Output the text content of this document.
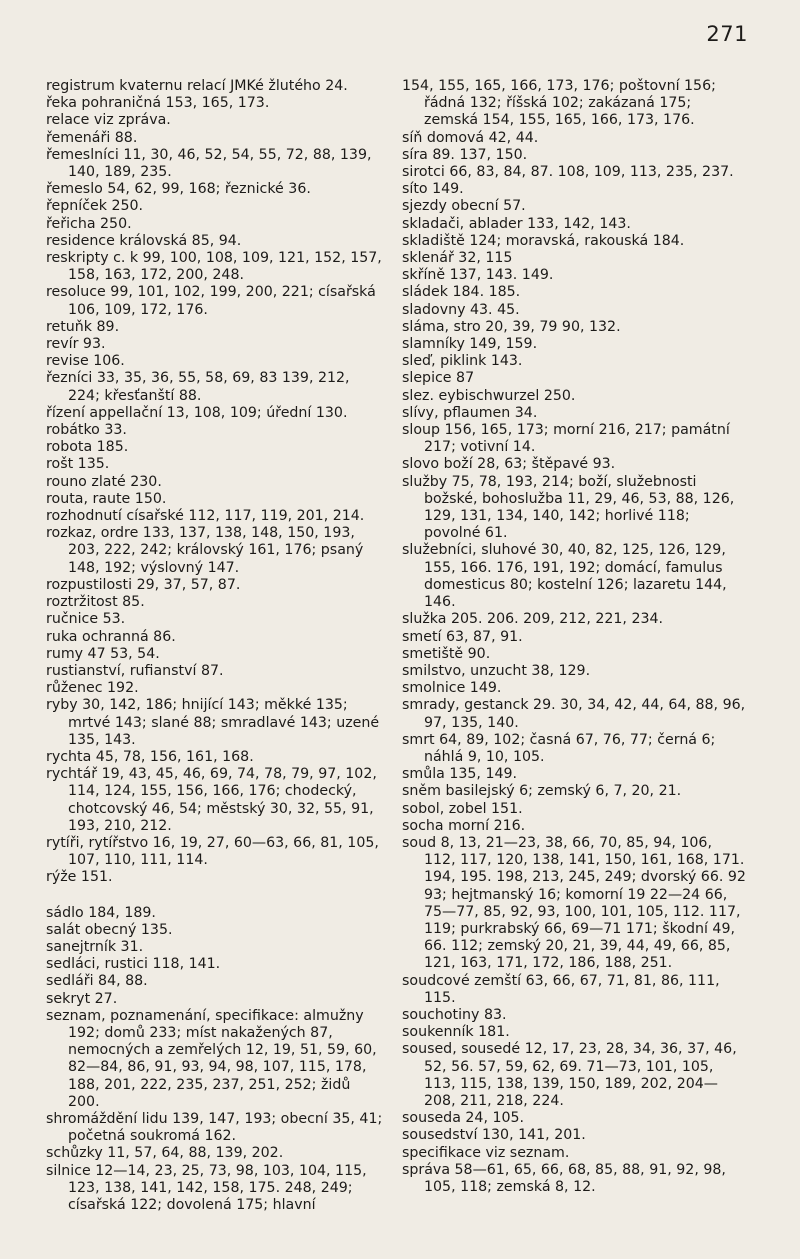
271

registrum kvaternu relací JMKé žlutého 24.

řeka pohraničná 153, 165, 173.

relace viz zpráva.

řemenáři 88.

řemeslníci 11, 30, 46, 52, 54, 55, 72, 88, 139, 140, 189, 235.

řemeslo 54, 62, 99, 168; řeznické 36.

řepníček 250.

řeřicha 250.

residence královská 85, 94.

reskripty c. k 99, 100, 108, 109, 121, 152, 157, 158, 163, 172, 200, 248.

resoluce 99, 101, 102, 199, 200, 221; císařská 106, 109, 172, 176.

retuňk 89.

revír 93.

revise 106.

řezníci 33, 35, 36, 55, 58, 69, 83 139, 212, 224; křesťanští 88.

řízení appellační 13, 108, 109; úřední 130.

robátko 33.

robota 185.

rošt 135.

rouno zlaté 230.

routa, raute 150.

rozhodnutí císařské 112, 117, 119, 201, 214.

rozkaz, ordre 133, 137, 138, 148, 150, 193, 203, 222, 242; královský 161, 176; psaný 148, 192; výslovný 147.

rozpustilosti 29, 37, 57, 87.

roztržitost 85.

ručnice 53.

ruka ochranná 86.

rumy 47 53, 54.

rustianství, rufianství 87.

růženec 192.

ryby 30, 142, 186; hnijící 143; měkké 135; mrtvé 143; slané 88; smradlavé 143; uzené 135, 143.

rychta 45, 78, 156, 161, 168.

rychtář 19, 43, 45, 46, 69, 74, 78, 79, 97, 102, 114, 124, 155, 156, 166, 176; chodecký, chotcovský 46, 54; městský 30, 32, 55, 91, 193, 210, 212.

rytíři, rytířstvo 16, 19, 27, 60—63, 66, 81, 105, 107, 110, 111, 114.

rýže 151.

sádlo 184, 189.

salát obecný 135.

sanejtrník 31.

sedláci, rustici 118, 141.

sedláři 84, 88.

sekryt 27.

seznam, poznamenání, specifikace: almužny 192; domů 233; míst nakažených 87, nemocných a zemřelých 12, 19, 51, 59, 60, 82—84, 86, 91, 93, 94, 98, 107, 115, 178, 188, 201, 222, 235, 237, 251, 252; židů 200.

shromáždění lidu 139, 147, 193; obecní 35, 41; početná soukromá 162.

schůzky 11, 57, 64, 88, 139, 202.

silnice 12—14, 23, 25, 73, 98, 103, 104, 115, 123, 138, 141, 142, 158, 175. 248, 249; císařská 122; dovolená 175; hlavní

154, 155, 165, 166, 173, 176; poštovní 156; řádná 132; říšská 102; zakázaná 175; zemská 154, 155, 165, 166, 173, 176.

síň domová 42, 44.

síra 89. 137, 150.

sirotci 66, 83, 84, 87. 108, 109, 113, 235, 237.

síto 149.

sjezdy obecní 57.

skladači, ablader 133, 142, 143.

skladiště 124; moravská, rakouská 184.

sklenář 32, 115

skříně 137, 143. 149.

sládek 184. 185.

sladovny 43. 45.

sláma, stro 20, 39, 79 90, 132.

slamníky 149, 159.

sleď, piklink 143.

slepice 87

slez. eybischwurzel 250.

slívy, pflaumen 34.

sloup 156, 165, 173; morní 216, 217; památní 217; votivní 14.

slovo boží 28, 63; štěpavé 93.

služby 75, 78, 193, 214; boží, služebnosti božské, bohoslužba 11, 29, 46, 53, 88, 126, 129, 131, 134, 140, 142; horlivé 118; povolné 61.

služebníci, sluhové 30, 40, 82, 125, 126, 129, 155, 166. 176, 191, 192; domácí, famulus domesticus 80; kostelní 126; lazaretu 144, 146.

služka 205. 206. 209, 212, 221, 234.

smetí 63, 87, 91.

smetiště 90.

smilstvo, unzucht 38, 129.

smolnice 149.

smrady, gestanck 29. 30, 34, 42, 44, 64, 88, 96, 97, 135, 140.

smrt 64, 89, 102; časná 67, 76, 77; černá 6; náhlá 9, 10, 105.

smůla 135, 149.

sněm basilejský 6; zemský 6, 7, 20, 21.

sobol, zobel 151.

socha morní 216.

soud 8, 13, 21—23, 38, 66, 70, 85, 94, 106, 112, 117, 120, 138, 141, 150, 161, 168, 171. 194, 195. 198, 213, 245, 249; dvorský 66. 92 93; hejtmanský 16; komorní 19 22—24 66, 75—77, 85, 92, 93, 100, 101, 105, 112. 117, 119; purkrabský 66, 69—71 171; škodní 49, 66. 112; zemský 20, 21, 39, 44, 49, 66, 85, 121, 163, 171, 172, 186, 188, 251.

soudcové zemští 63, 66, 67, 71, 81, 86, 111, 115.

souchotiny 83.

soukenník 181.

soused, sousedé 12, 17, 23, 28, 34, 36, 37, 46, 52, 56. 57, 59, 62, 69. 71—73, 101, 105, 113, 115, 138, 139, 150, 189, 202, 204—208, 211, 218, 224.

souseda 24, 105.

sousedství 130, 141, 201.

specifikace viz seznam.

správa 58—61, 65, 66, 68, 85, 88, 91, 92, 98, 105, 118; zemská 8, 12.
